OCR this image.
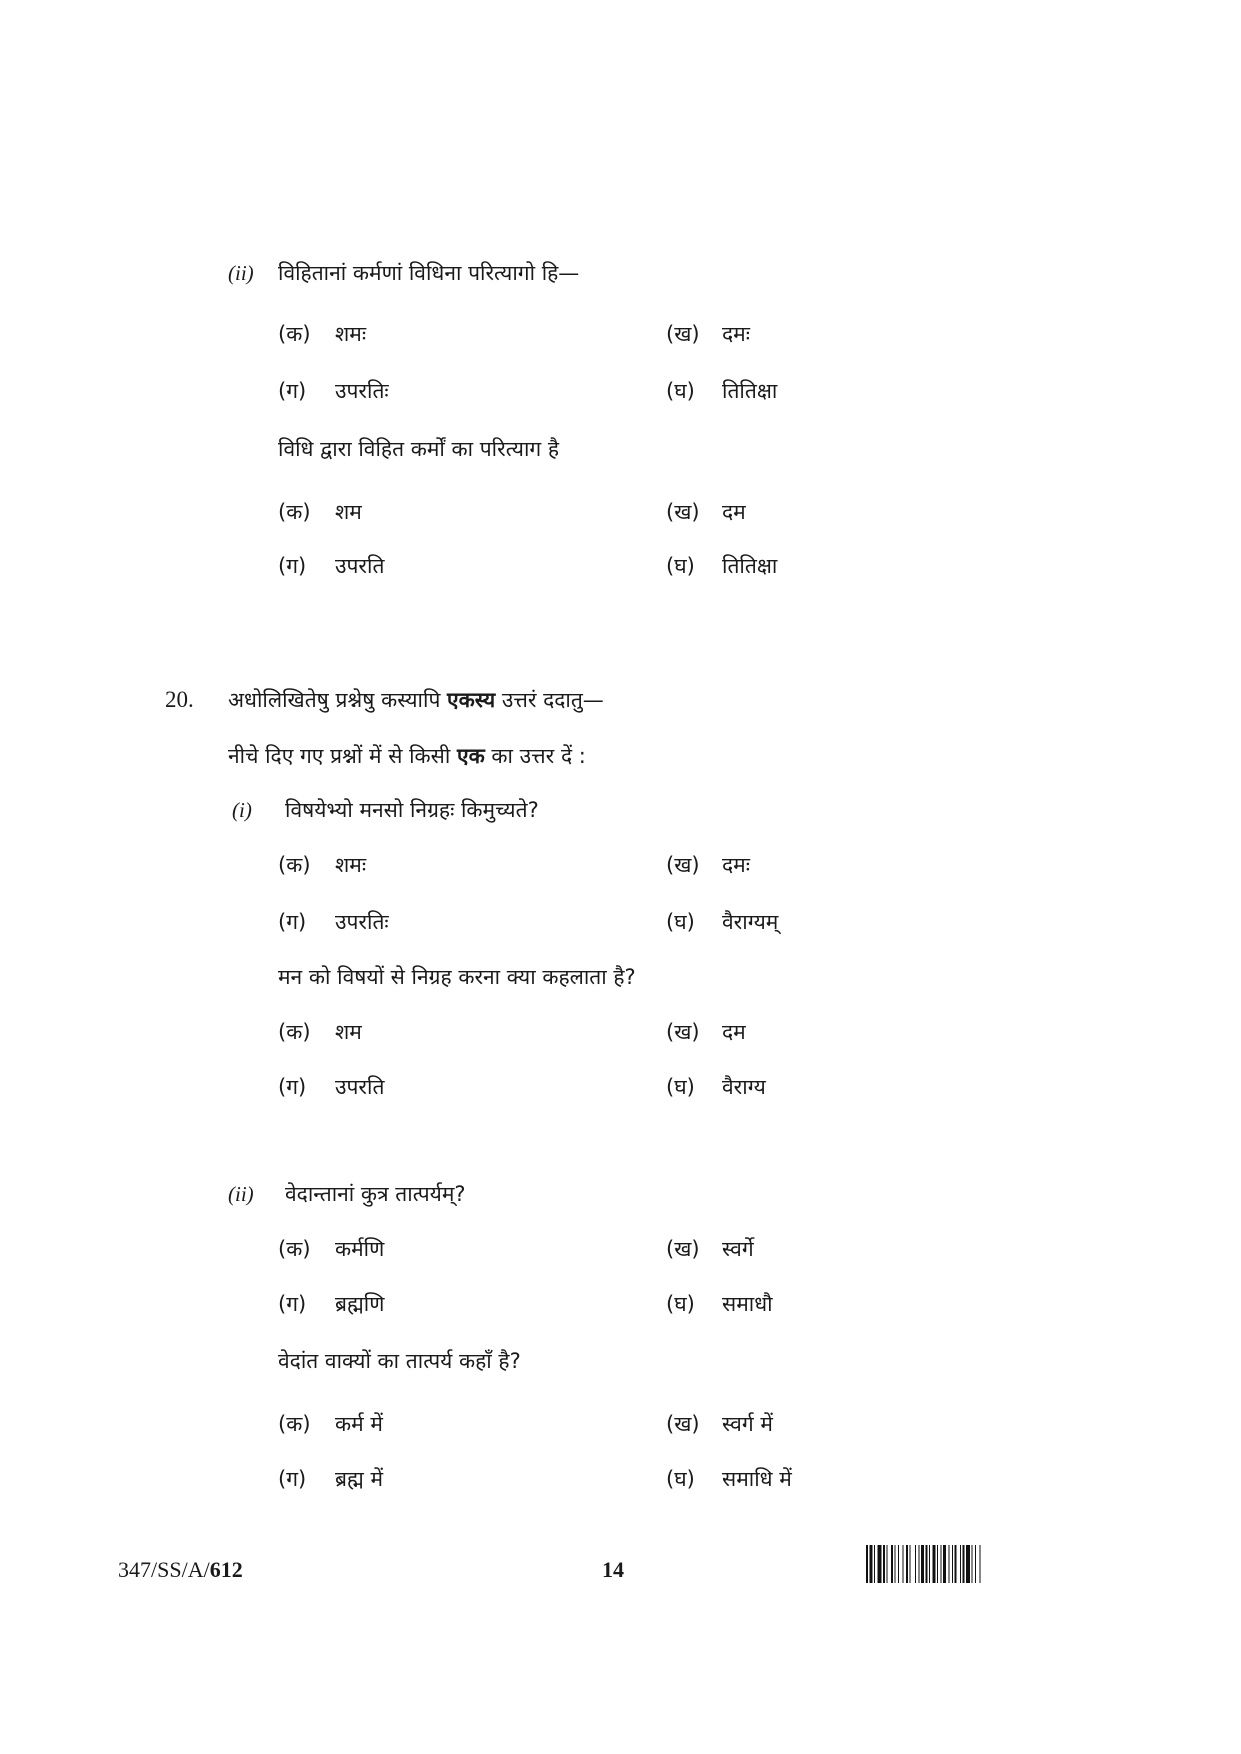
(ii) विहितानां कर्मणां विधिना परित्यागो हि—
(क) शमः	(ख) दमः
(ग) उपरतिः	(घ) तितिक्षा
विधि द्वारा विहित कर्मों का परित्याग है
(क) शम	(ख) दम
(ग) उपरति	(घ) तितिक्षा
20. अधोलिखितेषु प्रश्नेषु कस्यापि एकस्य उत्तरं ददातु—
नीचे दिए गए प्रश्नों में से किसी एक का उत्तर दें :
(i) विषयेभ्यो मनसो निग्रहः किमुच्यते?
(क) शमः	(ख) दमः
(ग) उपरतिः	(घ) वैराग्यम्
मन को विषयों से निग्रह करना क्या कहलाता है?
(क) शम	(ख) दम
(ग) उपरति	(घ) वैराग्य
(ii) वेदान्तानां कुत्र तात्पर्यम्?
(क) कर्मणि	(ख) स्वर्गे
(ग) ब्रह्मणि	(घ) समाधौ
वेदांत वाक्यों का तात्पर्य कहाँ है?
(क) कर्म में	(ख) स्वर्ग में
(ग) ब्रह्म में	(घ) समाधि में
347/SS/A/612	14
